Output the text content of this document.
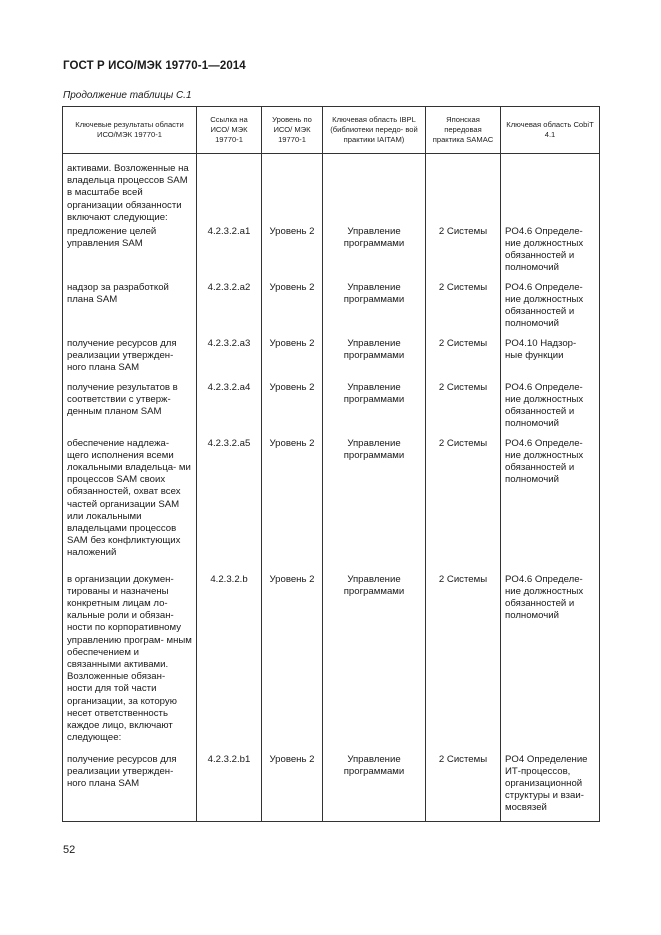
ГОСТ Р ИСО/МЭК 19770-1—2014
Продолжение таблицы С.1
Ключевые результаты области ИСО/МЭК 19770-1	Ссылка на ИСО/ МЭК 19770-1	Уровень по ИСО/ МЭК 19770-1	Ключевая область IBPL (библиотеки передо- вой практики IAITAM)	Японская передовая практика SAMAC	Ключевая область CobiT 4.1
активами. Возложенные на владельца процессов SAM в масштабе всей организации обязанности включают следующие:					
предложение целей управления SAM	4.2.3.2.a1	Уровень 2	Управление программами	2 Системы	PO4.6 Определе- ние должностных обязанностей и полномочий
надзор за разработкой плана SAM	4.2.3.2.a2	Уровень 2	Управление программами	2 Системы	PO4.6 Определе- ние должностных обязанностей и полномочий
получение ресурсов для реализации утвержден- ного плана SAM	4.2.3.2.a3	Уровень 2	Управление программами	2 Системы	PO4.10 Надзор- ные функции
получение результатов в соответствии с утверж- денным планом SAM	4.2.3.2.a4	Уровень 2	Управление программами	2 Системы	PO4.6 Определе- ние должностных обязанностей и полномочий
обеспечение надлежа- щего исполнения всеми локальными владельца- ми процессов SAM своих обязанностей, охват всех частей организации SAM или локальными владельцами процессов SAM без конфликтующих наложений	4.2.3.2.a5	Уровень 2	Управление программами	2 Системы	PO4.6 Определе- ние должностных обязанностей и полномочий
в организации докумен- тированы и назначены конкретным лицам ло- кальные роли и обязан- ности по корпоративному управлению програм- мным обеспечением и связанными активами. Возложенные обязан- ности для той части организации, за которую несет ответственность каждое лицо, включают следующее:	4.2.3.2.b	Уровень 2	Управление программами	2 Системы	PO4.6 Определе- ние должностных обязанностей и полномочий
получение ресурсов для реализации утвержден- ного плана SAM	4.2.3.2.b1	Уровень 2	Управление программами	2 Системы	PO4 Определение ИТ-процессов, организационной структуры и взаи- мосвязей
52
